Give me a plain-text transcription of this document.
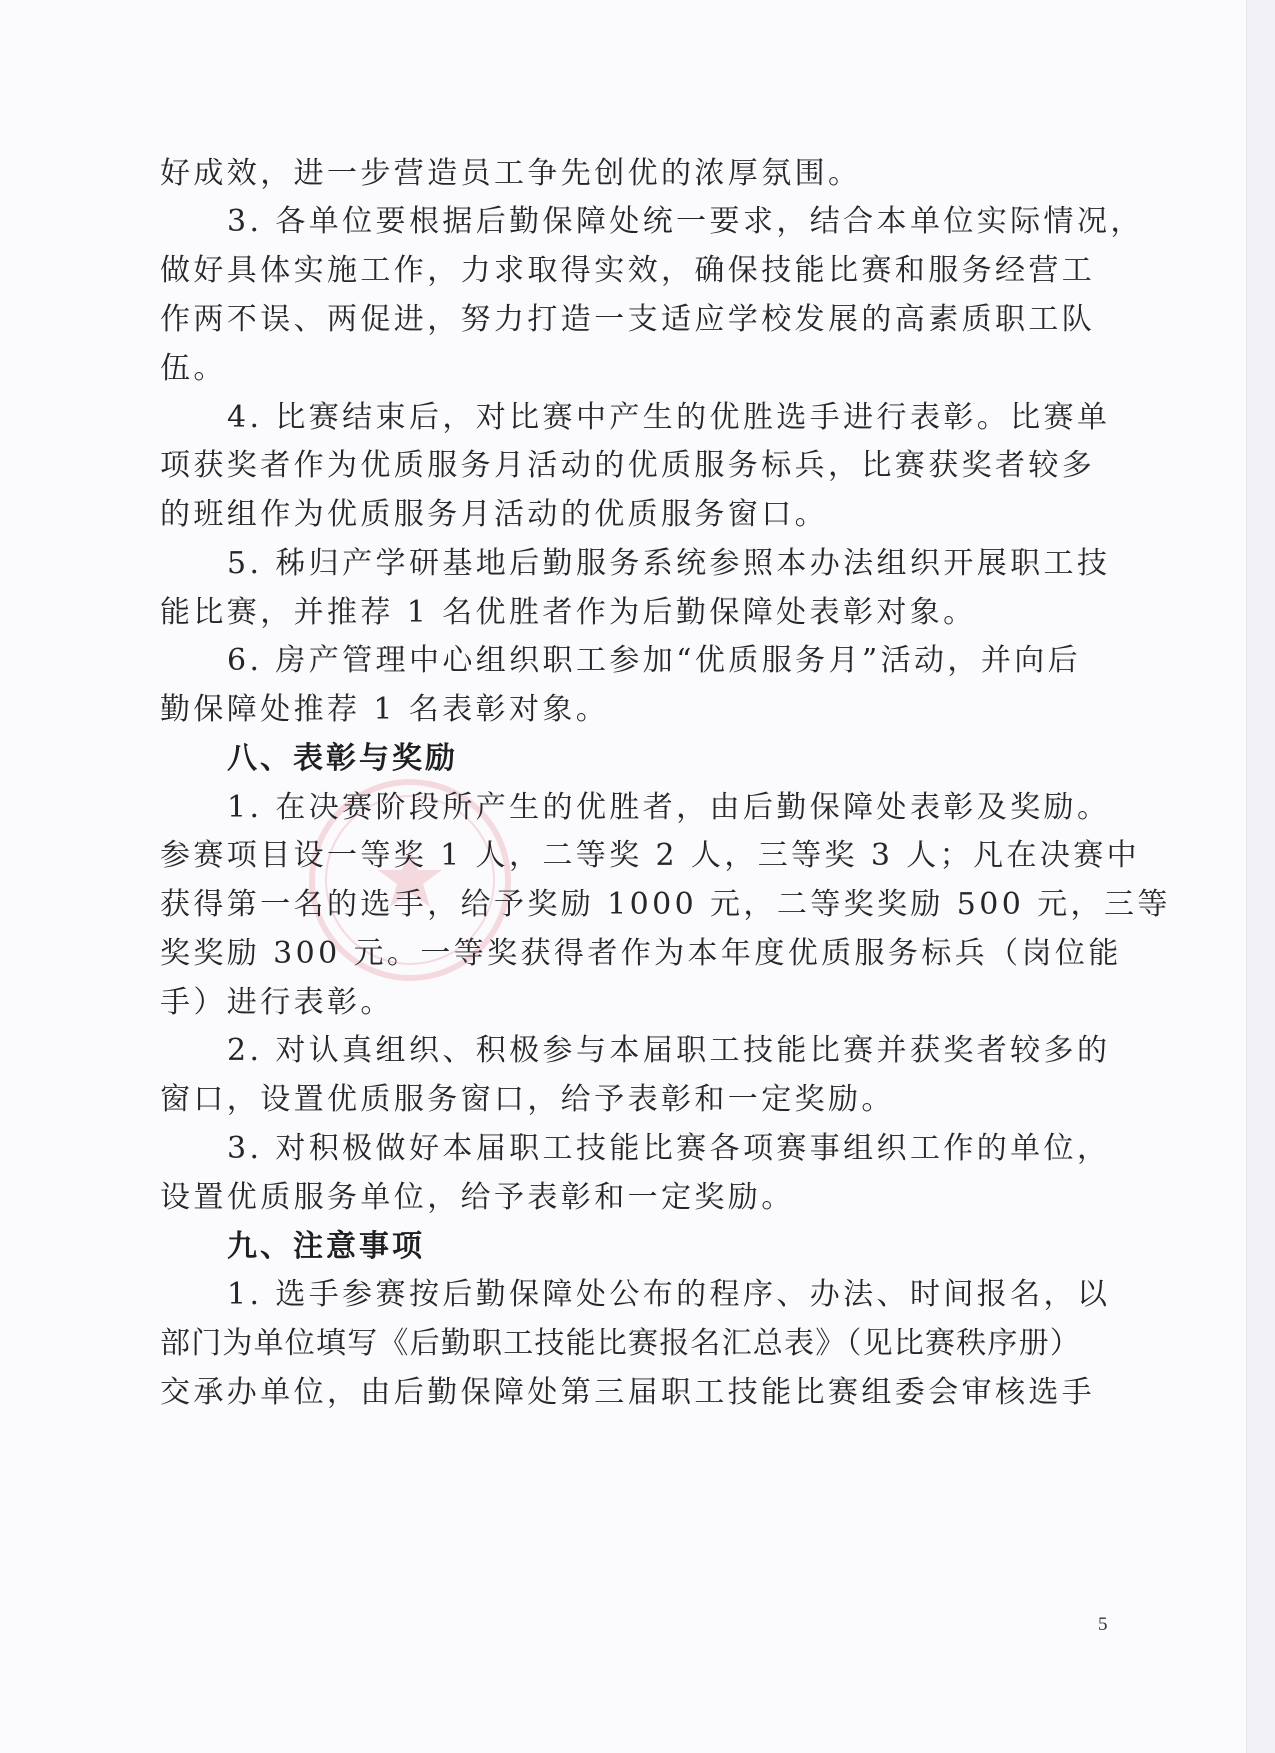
好成效，进一步营造员工争先创优的浓厚氛围。
3. 各单位要根据后勤保障处统一要求，结合本单位实际情况，
做好具体实施工作，力求取得实效，确保技能比赛和服务经营工
作两不误、两促进，努力打造一支适应学校发展的高素质职工队
伍。
4. 比赛结束后，对比赛中产生的优胜选手进行表彰。比赛单
项获奖者作为优质服务月活动的优质服务标兵，比赛获奖者较多
的班组作为优质服务月活动的优质服务窗口。
5. 秭归产学研基地后勤服务系统参照本办法组织开展职工技
能比赛，并推荐 1 名优胜者作为后勤保障处表彰对象。
6. 房产管理中心组织职工参加“优质服务月”活动，并向后
勤保障处推荐 1 名表彰对象。
八、表彰与奖励
1. 在决赛阶段所产生的优胜者，由后勤保障处表彰及奖励。
参赛项目设一等奖 1 人，二等奖 2 人，三等奖 3 人；凡在决赛中
获得第一名的选手，给予奖励 1000 元，二等奖奖励 500 元，三等
奖奖励 300 元。一等奖获得者作为本年度优质服务标兵（岗位能
手）进行表彰。
2. 对认真组织、积极参与本届职工技能比赛并获奖者较多的
窗口，设置优质服务窗口，给予表彰和一定奖励。
3. 对积极做好本届职工技能比赛各项赛事组织工作的单位，
设置优质服务单位，给予表彰和一定奖励。
九、注意事项
1. 选手参赛按后勤保障处公布的程序、办法、时间报名，以
部门为单位填写《后勤职工技能比赛报名汇总表》（见比赛秩序册）
交承办单位，由后勤保障处第三届职工技能比赛组委会审核选手
5
